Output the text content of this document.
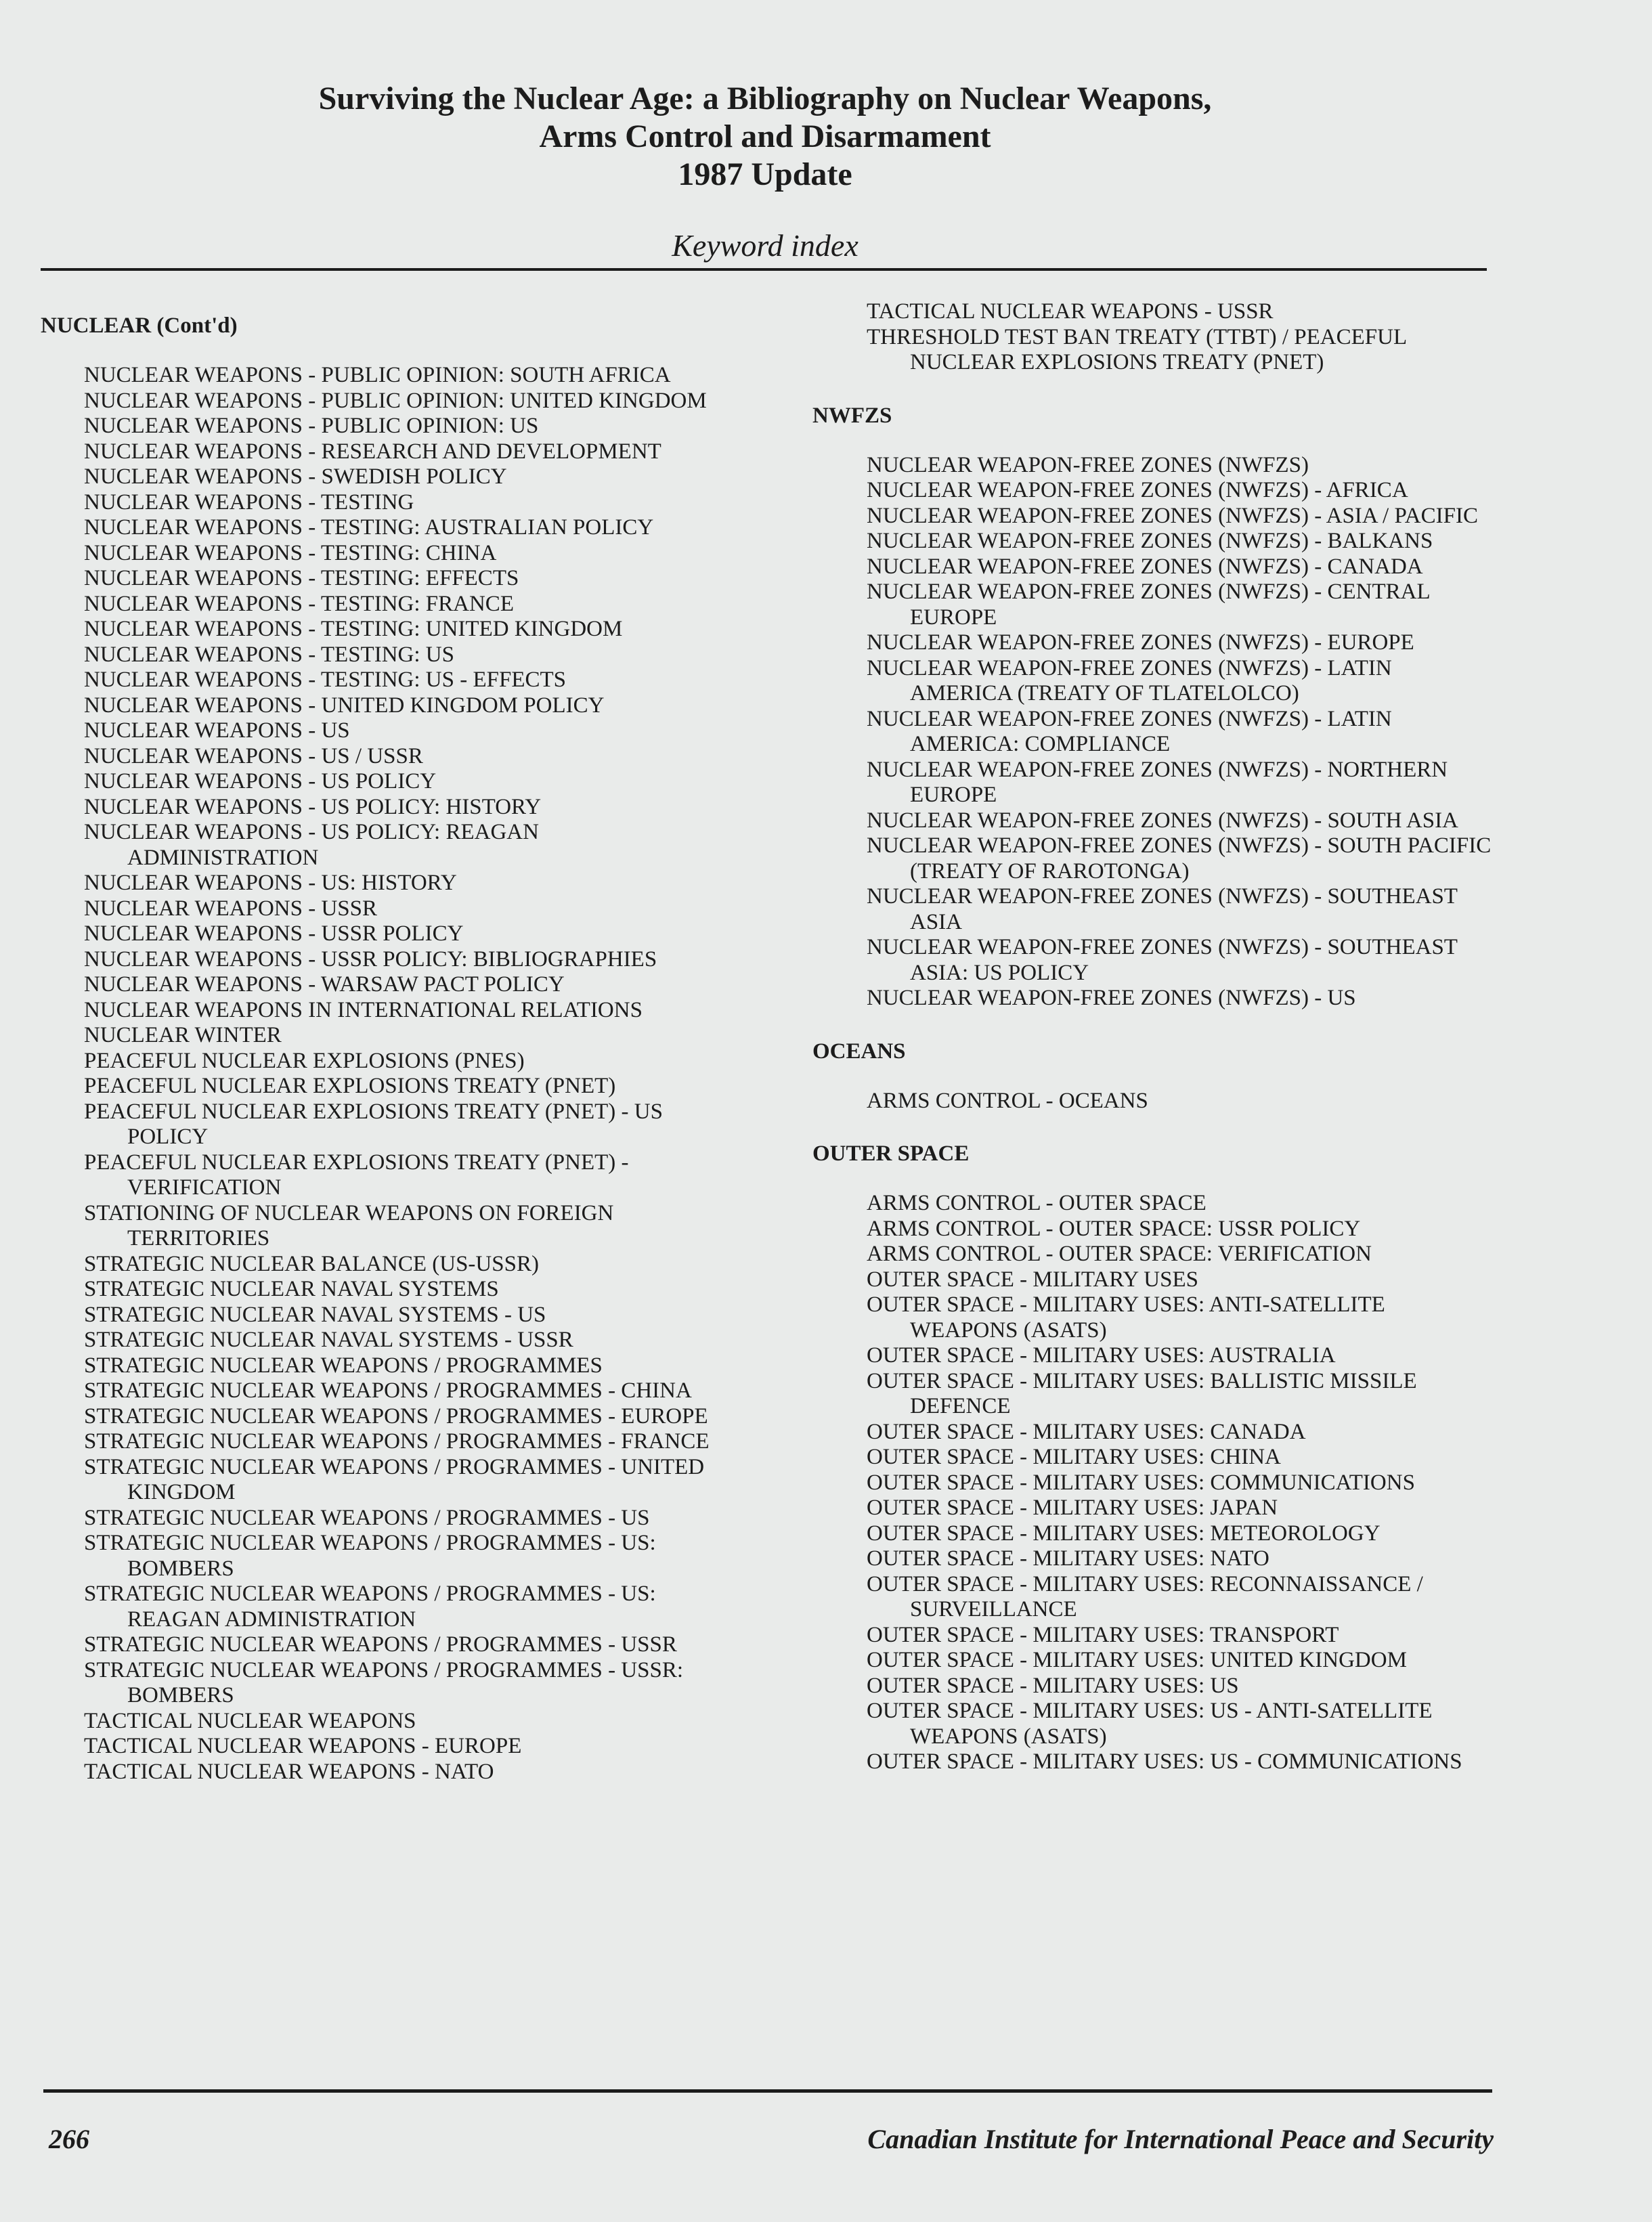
Surviving the Nuclear Age: a Bibliography on Nuclear Weapons,
Arms Control and Disarmament
1987 Update
Keyword index
NUCLEAR (Cont'd)
NUCLEAR WEAPONS - PUBLIC OPINION: SOUTH AFRICA
NUCLEAR WEAPONS - PUBLIC OPINION: UNITED KINGDOM
NUCLEAR WEAPONS - PUBLIC OPINION: US
NUCLEAR WEAPONS - RESEARCH AND DEVELOPMENT
NUCLEAR WEAPONS - SWEDISH POLICY
NUCLEAR WEAPONS - TESTING
NUCLEAR WEAPONS - TESTING: AUSTRALIAN POLICY
NUCLEAR WEAPONS - TESTING: CHINA
NUCLEAR WEAPONS - TESTING: EFFECTS
NUCLEAR WEAPONS - TESTING: FRANCE
NUCLEAR WEAPONS - TESTING: UNITED KINGDOM
NUCLEAR WEAPONS - TESTING: US
NUCLEAR WEAPONS - TESTING: US - EFFECTS
NUCLEAR WEAPONS - UNITED KINGDOM POLICY
NUCLEAR WEAPONS - US
NUCLEAR WEAPONS - US / USSR
NUCLEAR WEAPONS - US POLICY
NUCLEAR WEAPONS - US POLICY: HISTORY
NUCLEAR WEAPONS - US POLICY: REAGAN ADMINISTRATION
NUCLEAR WEAPONS - US: HISTORY
NUCLEAR WEAPONS - USSR
NUCLEAR WEAPONS - USSR POLICY
NUCLEAR WEAPONS - USSR POLICY: BIBLIOGRAPHIES
NUCLEAR WEAPONS - WARSAW PACT POLICY
NUCLEAR WEAPONS IN INTERNATIONAL RELATIONS
NUCLEAR WINTER
PEACEFUL NUCLEAR EXPLOSIONS (PNES)
PEACEFUL NUCLEAR EXPLOSIONS TREATY (PNET)
PEACEFUL NUCLEAR EXPLOSIONS TREATY (PNET) - US POLICY
PEACEFUL NUCLEAR EXPLOSIONS TREATY (PNET) - VERIFICATION
STATIONING OF NUCLEAR WEAPONS ON FOREIGN TERRITORIES
STRATEGIC NUCLEAR BALANCE (US-USSR)
STRATEGIC NUCLEAR NAVAL SYSTEMS
STRATEGIC NUCLEAR NAVAL SYSTEMS - US
STRATEGIC NUCLEAR NAVAL SYSTEMS - USSR
STRATEGIC NUCLEAR WEAPONS / PROGRAMMES
STRATEGIC NUCLEAR WEAPONS / PROGRAMMES - CHINA
STRATEGIC NUCLEAR WEAPONS / PROGRAMMES - EUROPE
STRATEGIC NUCLEAR WEAPONS / PROGRAMMES - FRANCE
STRATEGIC NUCLEAR WEAPONS / PROGRAMMES - UNITED KINGDOM
STRATEGIC NUCLEAR WEAPONS / PROGRAMMES - US
STRATEGIC NUCLEAR WEAPONS / PROGRAMMES - US: BOMBERS
STRATEGIC NUCLEAR WEAPONS / PROGRAMMES - US: REAGAN ADMINISTRATION
STRATEGIC NUCLEAR WEAPONS / PROGRAMMES - USSR
STRATEGIC NUCLEAR WEAPONS / PROGRAMMES - USSR: BOMBERS
TACTICAL NUCLEAR WEAPONS
TACTICAL NUCLEAR WEAPONS - EUROPE
TACTICAL NUCLEAR WEAPONS - NATO
TACTICAL NUCLEAR WEAPONS - USSR
THRESHOLD TEST BAN TREATY (TTBT) / PEACEFUL NUCLEAR EXPLOSIONS TREATY (PNET)
NWFZS
NUCLEAR WEAPON-FREE ZONES (NWFZS)
NUCLEAR WEAPON-FREE ZONES (NWFZS) - AFRICA
NUCLEAR WEAPON-FREE ZONES (NWFZS) - ASIA / PACIFIC
NUCLEAR WEAPON-FREE ZONES (NWFZS) - BALKANS
NUCLEAR WEAPON-FREE ZONES (NWFZS) - CANADA
NUCLEAR WEAPON-FREE ZONES (NWFZS) - CENTRAL EUROPE
NUCLEAR WEAPON-FREE ZONES (NWFZS) - EUROPE
NUCLEAR WEAPON-FREE ZONES (NWFZS) - LATIN AMERICA (TREATY OF TLATELOLCO)
NUCLEAR WEAPON-FREE ZONES (NWFZS) - LATIN AMERICA: COMPLIANCE
NUCLEAR WEAPON-FREE ZONES (NWFZS) - NORTHERN EUROPE
NUCLEAR WEAPON-FREE ZONES (NWFZS) - SOUTH ASIA
NUCLEAR WEAPON-FREE ZONES (NWFZS) - SOUTH PACIFIC (TREATY OF RAROTONGA)
NUCLEAR WEAPON-FREE ZONES (NWFZS) - SOUTHEAST ASIA
NUCLEAR WEAPON-FREE ZONES (NWFZS) - SOUTHEAST ASIA: US POLICY
NUCLEAR WEAPON-FREE ZONES (NWFZS) - US
OCEANS
ARMS CONTROL - OCEANS
OUTER SPACE
ARMS CONTROL - OUTER SPACE
ARMS CONTROL - OUTER SPACE: USSR POLICY
ARMS CONTROL - OUTER SPACE: VERIFICATION
OUTER SPACE - MILITARY USES
OUTER SPACE - MILITARY USES: ANTI-SATELLITE WEAPONS (ASATS)
OUTER SPACE - MILITARY USES: AUSTRALIA
OUTER SPACE - MILITARY USES: BALLISTIC MISSILE DEFENCE
OUTER SPACE - MILITARY USES: CANADA
OUTER SPACE - MILITARY USES: CHINA
OUTER SPACE - MILITARY USES: COMMUNICATIONS
OUTER SPACE - MILITARY USES: JAPAN
OUTER SPACE - MILITARY USES: METEOROLOGY
OUTER SPACE - MILITARY USES: NATO
OUTER SPACE - MILITARY USES: RECONNAISSANCE / SURVEILLANCE
OUTER SPACE - MILITARY USES: TRANSPORT
OUTER SPACE - MILITARY USES: UNITED KINGDOM
OUTER SPACE - MILITARY USES: US
OUTER SPACE - MILITARY USES: US - ANTI-SATELLITE WEAPONS (ASATS)
OUTER SPACE - MILITARY USES: US - COMMUNICATIONS
266	Canadian Institute for International Peace and Security
